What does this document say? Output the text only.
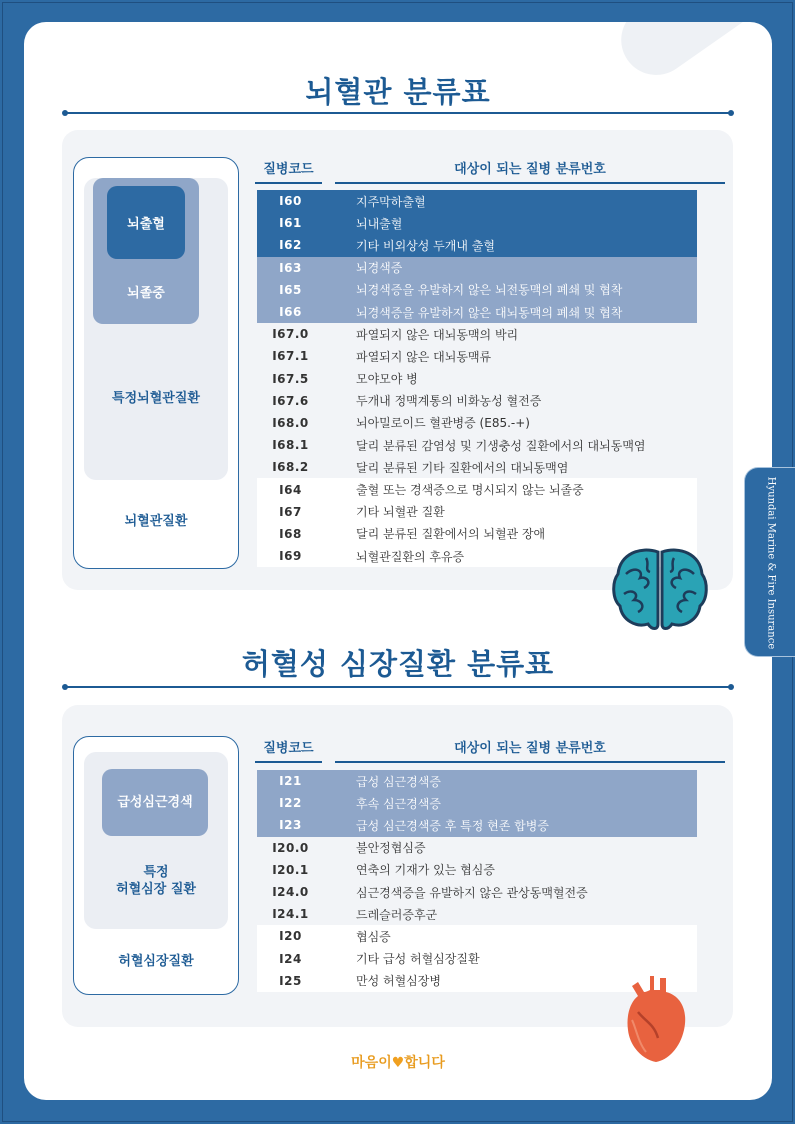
뇌혈관 분류표
뇌출혈
뇌졸중
특정뇌혈관질환
뇌혈관질환
질병코드	대상이 되는 질병 분류번호
I60	지주막하출혈
I61	뇌내출혈
I62	기타 비외상성 두개내 출혈
I63	뇌경색증
I65	뇌경색증을 유발하지 않은 뇌전동맥의 폐쇄 및 협착
I66	뇌경색증을 유발하지 않은 대뇌동맥의 폐쇄 및 협착
I67.0	파열되지 않은 대뇌동맥의 박리
I67.1	파열되지 않은 대뇌동맥류
I67.5	모야모야 병
I67.6	두개내 정맥계통의 비화농성 혈전증
I68.0	뇌아밀로이드 혈관병증 (E85.-+)
I68.1	달리 분류된 감염성 및 기생충성 질환에서의 대뇌동맥염
I68.2	달리 분류된 기타 질환에서의 대뇌동맥염
I64	출혈 또는 경색증으로 명시되지 않는 뇌졸중
I67	기타 뇌혈관 질환
I68	달리 분류된 질환에서의 뇌혈관 장애
I69	뇌혈관질환의 후유증
허혈성 심장질환 분류표
급성심근경색
특정
허혈심장 질환
허혈심장질환
질병코드	대상이 되는 질병 분류번호
I21	급성 심근경색증
I22	후속 심근경색증
I23	급성 심근경색증 후 특정 현존 합병증
I20.0	불안정협심증
I20.1	연축의 기재가 있는 협심증
I24.0	심근경색증을 유발하지 않은 관상동맥혈전증
I24.1	드레슬러증후군
I20	협심증
I24	기타 급성 허혈심장질환
I25	만성 허혈심장병
마음이♥합니다
Hyundai Marine & Fire Insurance
